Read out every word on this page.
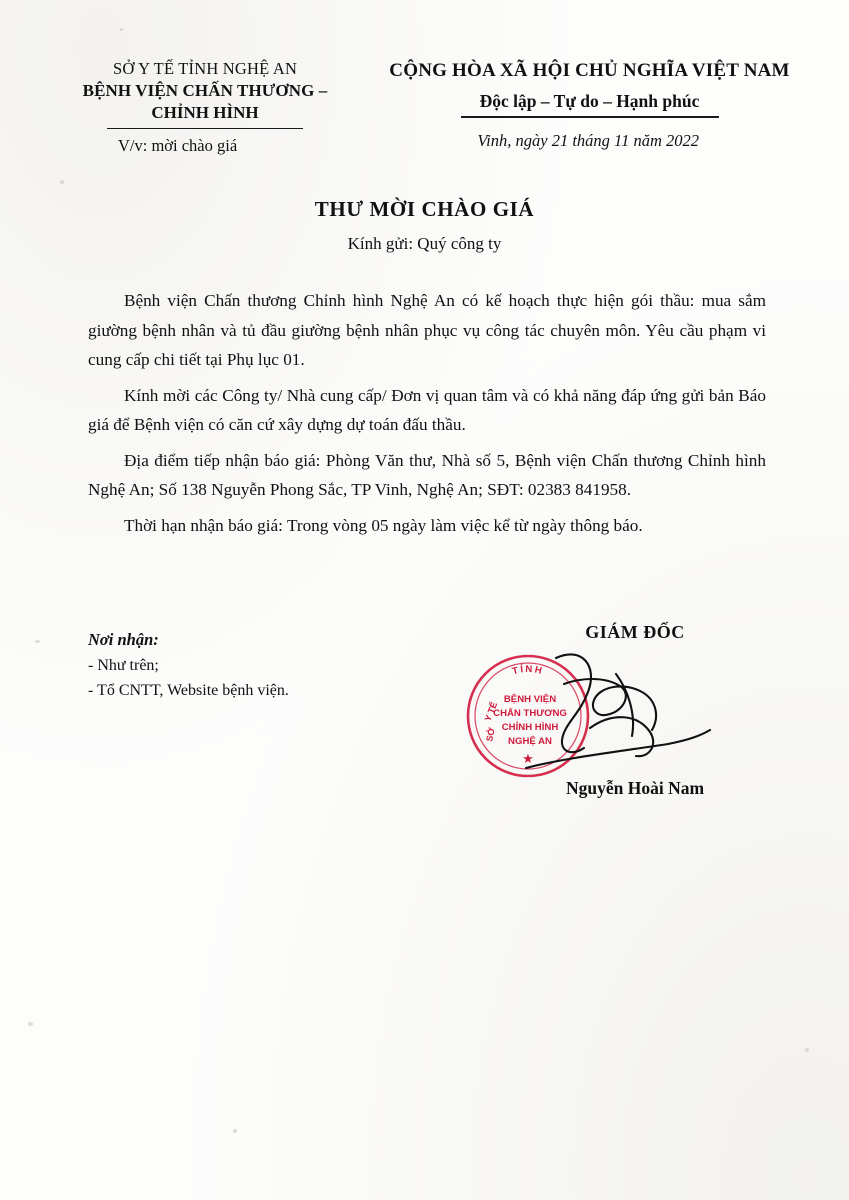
SỞ Y TẾ TỈNH NGHỆ AN
BỆNH VIỆN CHẤN THƯƠNG –
CHỈNH HÌNH
CỘNG HÒA XÃ HỘI CHỦ NGHĨA VIỆT NAM
Độc lập – Tự do – Hạnh phúc
V/v: mời chào giá	Vinh, ngày 21 tháng 11 năm 2022
THƯ MỜI CHÀO GIÁ
Kính gửi: Quý công ty

Bệnh viện Chấn thương Chỉnh hình Nghệ An có kế hoạch thực hiện gói thầu: mua sắm giường bệnh nhân và tủ đầu giường bệnh nhân phục vụ công tác chuyên môn. Yêu cầu phạm vi cung cấp chi tiết tại Phụ lục 01.

Kính mời các Công ty/ Nhà cung cấp/ Đơn vị quan tâm và có khả năng đáp ứng gửi bản Báo giá để Bệnh viện có căn cứ xây dựng dự toán đấu thầu.

Địa điểm tiếp nhận báo giá: Phòng Văn thư, Nhà số 5, Bệnh viện Chấn thương Chỉnh hình Nghệ An; Số 138 Nguyễn Phong Sắc, TP Vinh, Nghệ An; SĐT: 02383 841958.

Thời hạn nhận báo giá: Trong vòng 05 ngày làm việc kể từ ngày thông báo.

Nơi nhận:
- Như trên;
- Tổ CNTT, Website bệnh viện.
GIÁM ĐỐC
TỈNH
Y TẾ
SỞ
BỆNH VIỆN
CHẤN THƯƠNG
CHỈNH HÌNH
NGHỆ AN
★
Nguyễn Hoài Nam
